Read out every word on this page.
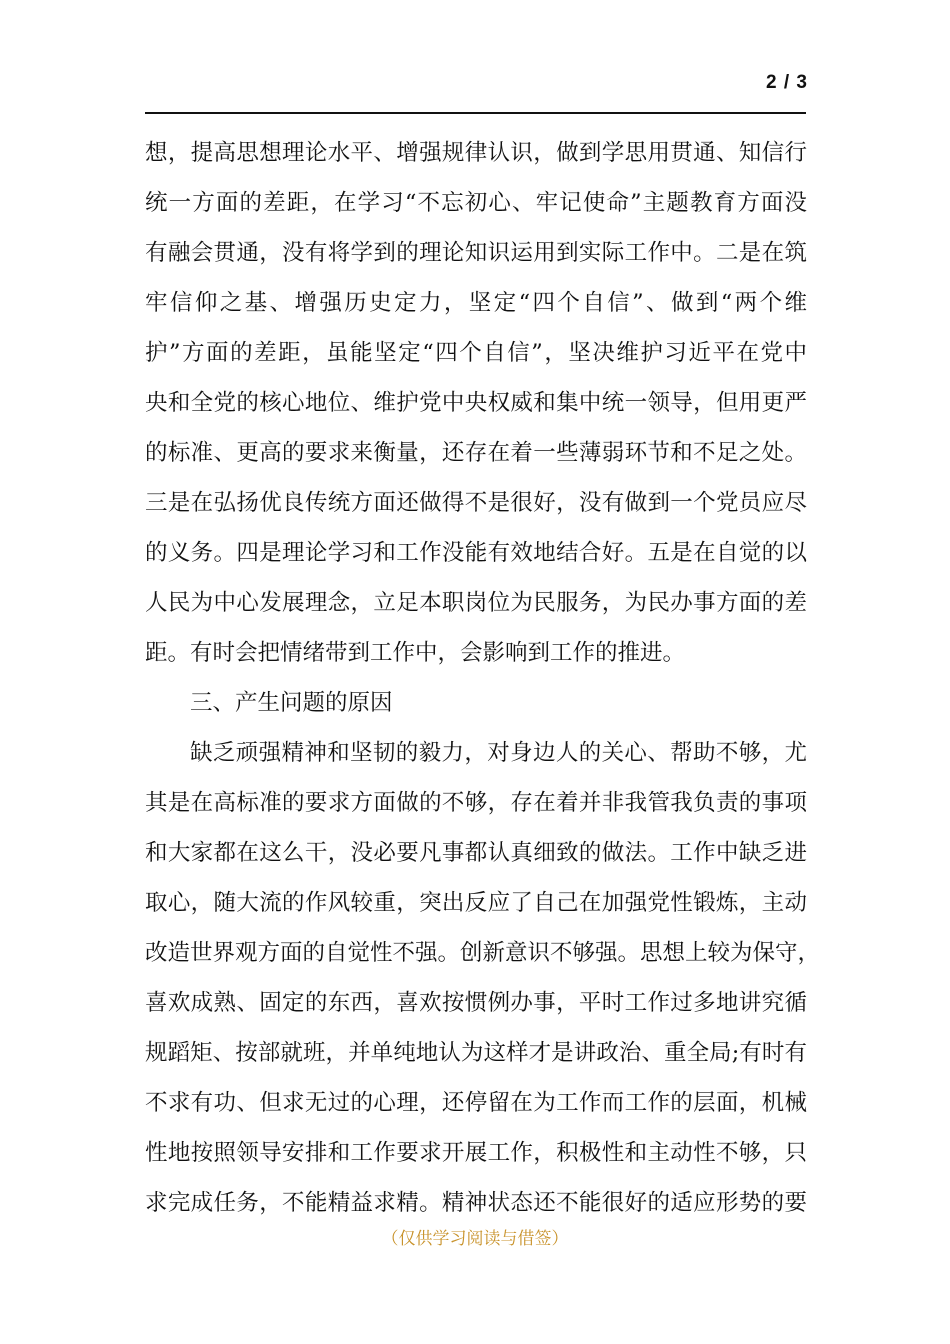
2 / 3
想，提高思想理论水平、增强规律认识，做到学思用贯通、知信行
统一方面的差距，在学习“不忘初心、牢记使命”主题教育方面没
有融会贯通，没有将学到的理论知识运用到实际工作中。二是在筑
牢信仰之基、增强历史定力，坚定“四个自信”、做到“两个维
护”方面的差距，虽能坚定“四个自信”，坚决维护习近平在党中
央和全党的核心地位、维护党中央权威和集中统一领导，但用更严
的标准、更高的要求来衡量，还存在着一些薄弱环节和不足之处。
三是在弘扬优良传统方面还做得不是很好，没有做到一个党员应尽
的义务。四是理论学习和工作没能有效地结合好。五是在自觉的以
人民为中心发展理念，立足本职岗位为民服务，为民办事方面的差
距。有时会把情绪带到工作中，会影响到工作的推进。
三、产生问题的原因
缺乏顽强精神和坚韧的毅力，对身边人的关心、帮助不够，尤
其是在高标准的要求方面做的不够，存在着并非我管我负责的事项
和大家都在这么干，没必要凡事都认真细致的做法。工作中缺乏进
取心，随大流的作风较重，突出反应了自己在加强党性锻炼，主动
改造世界观方面的自觉性不强。创新意识不够强。思想上较为保守，
喜欢成熟、固定的东西，喜欢按惯例办事，平时工作过多地讲究循
规蹈矩、按部就班，并单纯地认为这样才是讲政治、重全局;有时有
不求有功、但求无过的心理，还停留在为工作而工作的层面，机械
性地按照领导安排和工作要求开展工作，积极性和主动性不够，只
求完成任务，不能精益求精。精神状态还不能很好的适应形势的要
（仅供学习阅读与借签）
